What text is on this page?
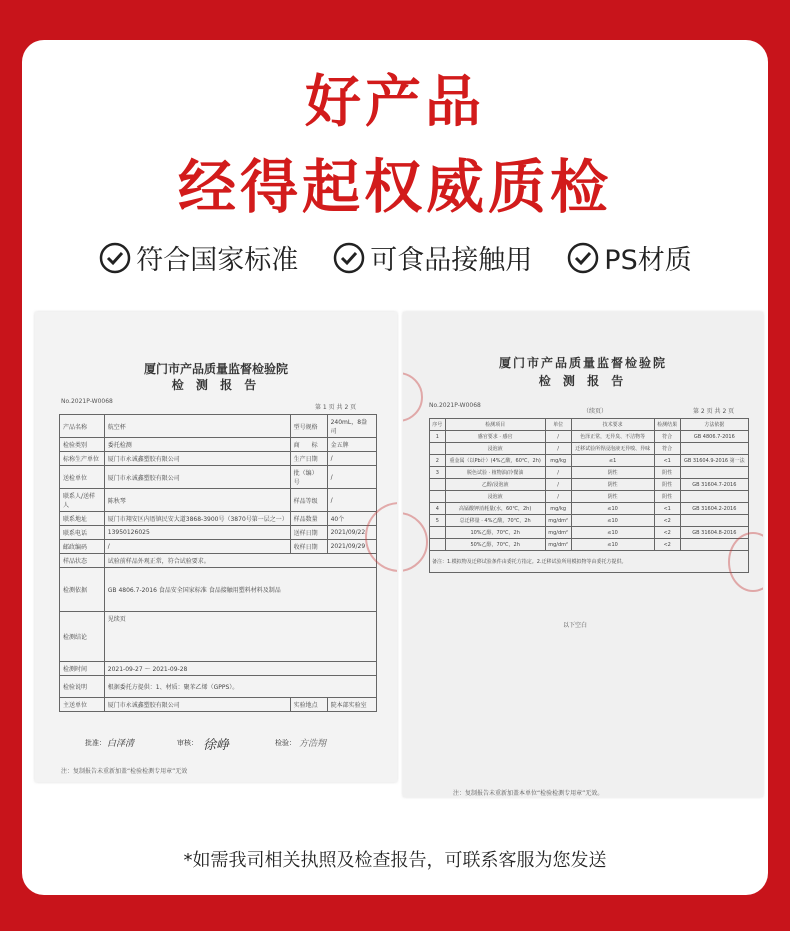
好产品
经得起权威质检
符合国家标准	可食品接触用	PS材质
厦门市产品质量监督检验院
检 测 报 告
No.2021P-W0068
第 1 页 共 2 页
产品名称	航空杯	型号规格	240mL，8盎司
检验类别	委托检测	商　　标	金五牌
标称生产单位	厦门市永诚鑫塑胶有限公司	生产日期	/
送检单位	厦门市永诚鑫塑胶有限公司	批（编）号	/
联系人/送样人	陈秋琴	样品等级	/
联系地址	厦门市翔安区内厝镇民安大道3868-3900号（3870号第一层之一）	样品数量	40个
联系电话	13950126025	送样日期	2021/09/22
邮政编码	/	收样日期	2021/09/29
样品状态	试验前样品外观正常，符合试验要求。		
检测依据	GB 4806.7-2016 食品安全国家标准 食品接触用塑料材料及制品		
检测结论	见续页		
检测时间	2021-09-27 ～ 2021-09-28		
检验说明	根据委托方提供：1、材质：聚苯乙烯（GPPS）。		
主送单位	厦门市永诚鑫塑胶有限公司	实验地点	院本部实验室
批准： 白泽清	审核： 徐峥	检验： 方浩翔
注：复制报告未重新加盖“检验检测专用章”无效
厦门市产品质量监督检验院
检 测 报 告
No.2021P-W0068
（续页）	第 2 页 共 2 页
序号	检测项目	单位	技术要求	检测结果	方法依据
1	感官要求 · 感官	/	色泽正常，无异臭、不洁物等	符合	GB 4806.7-2016
	浸泡液	/	迁移试验所得浸泡液无异嗅、异味	符合	
2	重金属（以Pb计）(4%乙酸，60℃，2h)	mg/kg	≤1	<1	GB 31604.9-2016 第一法
3	脱色试验 · 植物油/冷餐油	/	阴性	阴性	
	乙醇/浸泡液	/	阴性	阴性	GB 31604.7-2016
	浸泡液	/	阴性	阴性	
4	高锰酸钾消耗量(水，60℃，2h)	mg/kg	≤10	<1	GB 31604.2-2016
5	总迁移量 · 4%乙酸，70℃，2h	mg/dm²	≤10	<2	
	10%乙醇，70℃，2h	mg/dm²	≤10	<2	GB 31604.8-2016
	50%乙醇，70℃，2h	mg/dm²	≤10	<2	
备注：1.模拟物及迁移试验条件由委托方指定。2.迁移试验所用模拟物等由委托方提供。					
以下空白
注：复制报告未重新加盖本单位“检验检测专用章”无效。
*如需我司相关执照及检查报告，可联系客服为您发送
